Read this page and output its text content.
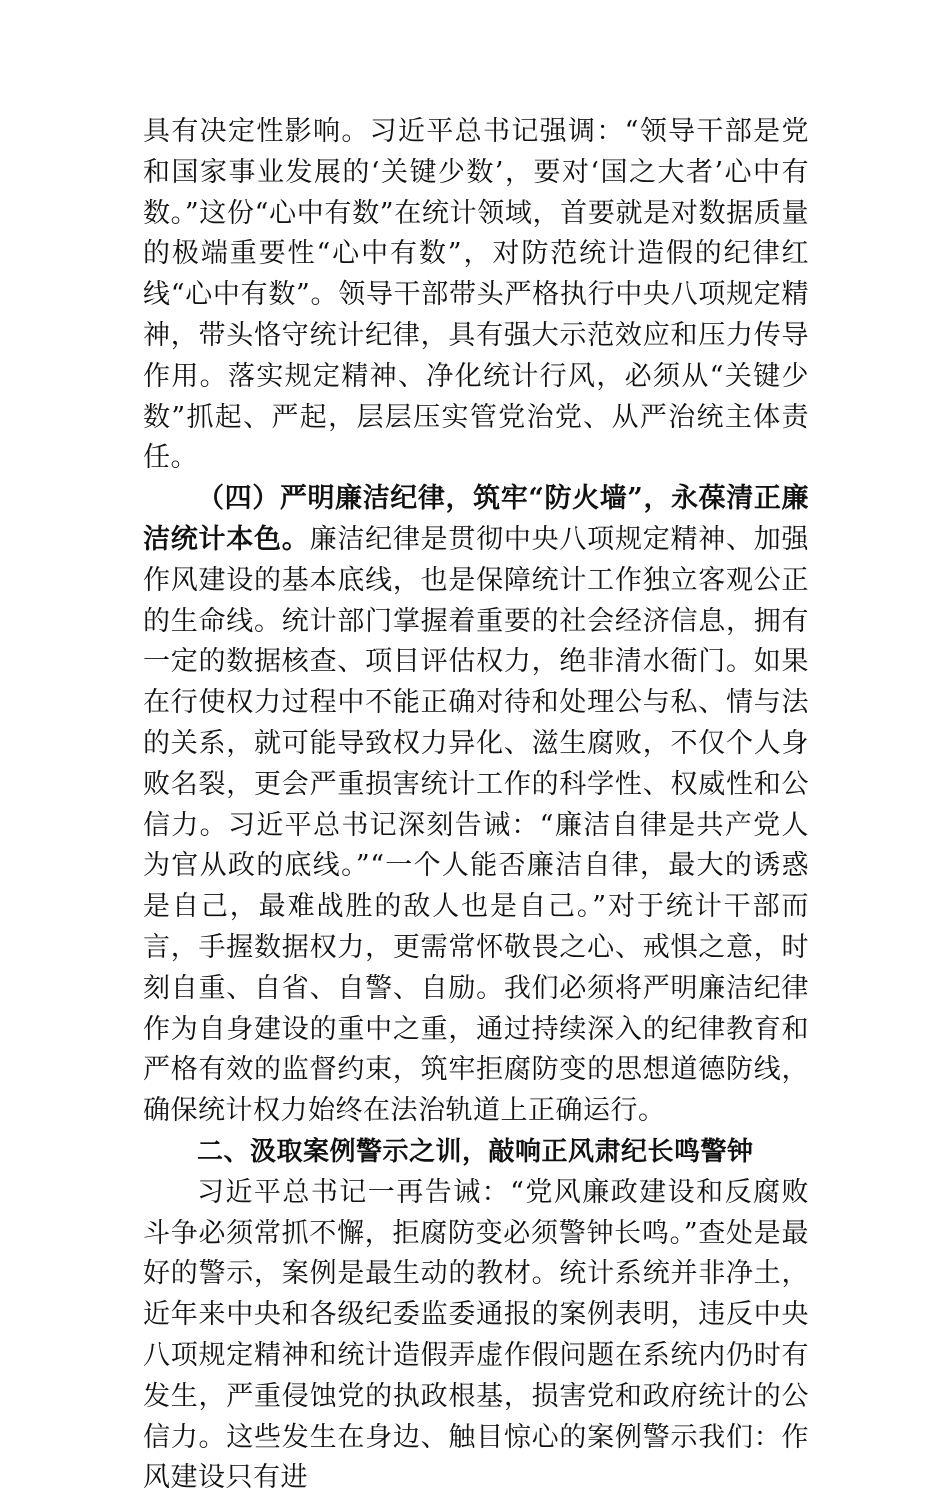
具有决定性影响。习近平总书记强调：“领导干部是党和国家事业发展的‘关键少数’，要对‘国之大者’心中有数。”这份“心中有数”在统计领域，首要就是对数据质量的极端重要性“心中有数”，对防范统计造假的纪律红线“心中有数”。领导干部带头严格执行中央八项规定精神，带头恪守统计纪律，具有强大示范效应和压力传导作用。落实规定精神、净化统计行风，必须从“关键少数”抓起、严起，层层压实管党治党、从严治统主体责任。

（四）严明廉洁纪律，筑牢“防火墙”，永葆清正廉洁统计本色。廉洁纪律是贯彻中央八项规定精神、加强作风建设的基本底线，也是保障统计工作独立客观公正的生命线。统计部门掌握着重要的社会经济信息，拥有一定的数据核查、项目评估权力，绝非清水衙门。如果在行使权力过程中不能正确对待和处理公与私、情与法的关系，就可能导致权力异化、滋生腐败，不仅个人身败名裂，更会严重损害统计工作的科学性、权威性和公信力。习近平总书记深刻告诫：“廉洁自律是共产党人为官从政的底线。”“一个人能否廉洁自律，最大的诱惑是自己，最难战胜的敌人也是自己。”对于统计干部而言，手握数据权力，更需常怀敬畏之心、戒惧之意，时刻自重、自省、自警、自励。我们必须将严明廉洁纪律作为自身建设的重中之重，通过持续深入的纪律教育和严格有效的监督约束，筑牢拒腐防变的思想道德防线，确保统计权力始终在法治轨道上正确运行。

二、汲取案例警示之训，敲响正风肃纪长鸣警钟

习近平总书记一再告诫：“党风廉政建设和反腐败斗争必须常抓不懈，拒腐防变必须警钟长鸣。”查处是最好的警示，案例是最生动的教材。统计系统并非净土，近年来中央和各级纪委监委通报的案例表明，违反中央八项规定精神和统计造假弄虚作假问题在系统内仍时有发生，严重侵蚀党的执政根基，损害党和政府统计的公信力。这些发生在身边、触目惊心的案例警示我们：作风建设只有进
